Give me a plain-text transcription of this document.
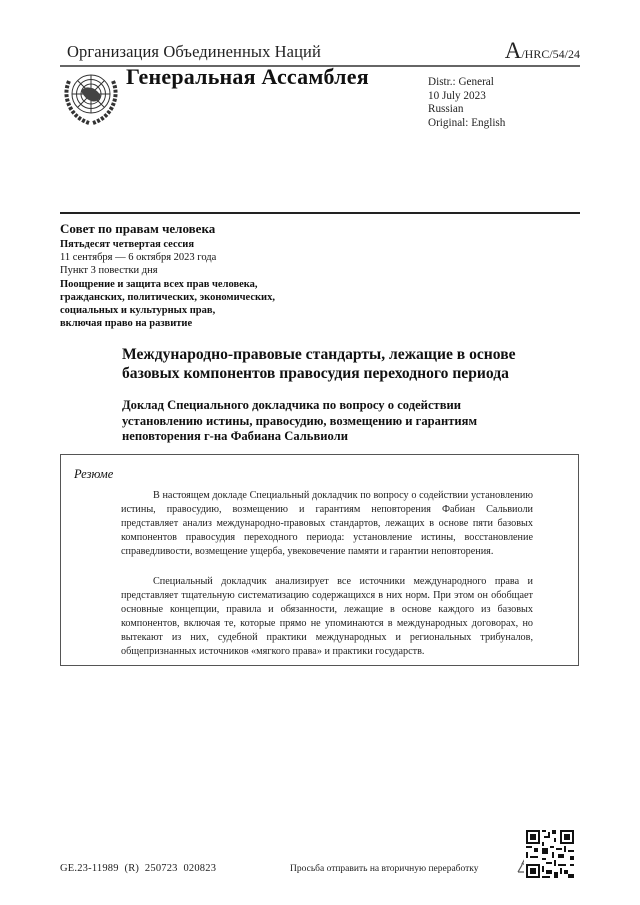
Организация Объединенных Наций	A/HRC/54/24
Генеральная Ассамблея	Distr.: General
10 July 2023
Russian
Original: English
Совет по правам человека
Пятьдесят четвертая сессия
11 сентября — 6 октября 2023 года
Пункт 3 повестки дня
Поощрение и защита всех прав человека,
гражданских, политических, экономических,
социальных и культурных прав,
включая право на развитие
Международно-правовые стандарты, лежащие в основе
базовых компонентов правосудия переходного периода
Доклад Специального докладчика по вопросу о содействии
установлению истины, правосудию, возмещению и гарантиям
неповторения г-на Фабиана Сальвиоли
Резюме
В настоящем докладе Специальный докладчик по вопросу о содействии установлению истины, правосудию, возмещению и гарантиям неповторения Фабиан Сальвиоли представляет анализ международно-правовых стандартов, лежащих в основе пяти базовых компонентов правосудия переходного периода: установление истины, восстановление справедливости, возмещение ущерба, увековечение памяти и гарантии неповторения.
Специальный докладчик анализирует все источники международного права и представляет тщательную систематизацию содержащихся в них норм. При этом он обобщает основные концепции, правила и обязанности, лежащие в основе каждого из базовых компонентов, включая те, которые прямо не упоминаются в международных договорах, но вытекают из них, судебной практики международных и региональных трибуналов, общепризнанных источников «мягкого права» и практики государств.
GE.23-11989 (R) 250723 020823	Просьба отправить на вторичную переработку
